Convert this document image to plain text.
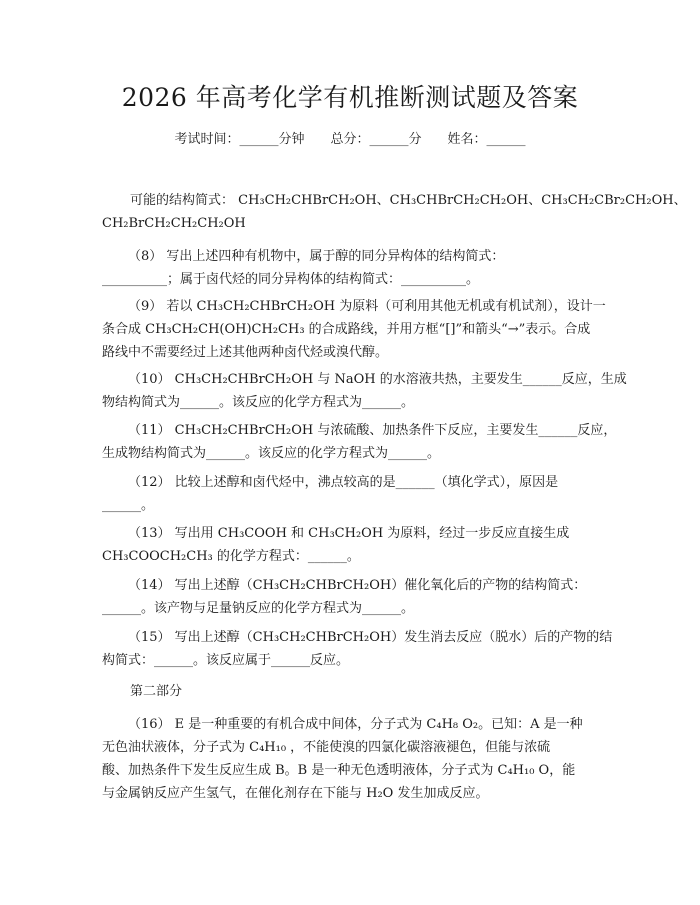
2026 年高考化学有机推断测试题及答案
考试时间：______分钟　　总分：______分　　姓名：______
可能的结构简式： CH₃CH₂CHBrCH₂OH、CH₃CHBrCH₂CH₂OH、CH₃CH₂CBr₂CH₂OH、
CH₂BrCH₂CH₂CH₂OH
（8） 写出上述四种有机物中，属于醇的同分异构体的结构简式：
__________；属于卤代烃的同分异构体的结构简式：__________。
（9） 若以 CH₃CH₂CHBrCH₂OH 为原料（可利用其他无机或有机试剂），设计一
条合成 CH₃CH₂CH(OH)CH₂CH₃ 的合成路线，并用方框“[]”和箭头“→”表示。合成
路线中不需要经过上述其他两种卤代烃或溴代醇。
（10） CH₃CH₂CHBrCH₂OH 与 NaOH 的水溶液共热，主要发生______反应，生成
物结构简式为______。该反应的化学方程式为______。
（11） CH₃CH₂CHBrCH₂OH 与浓硫酸、加热条件下反应，主要发生______反应，
生成物结构简式为______。该反应的化学方程式为______。
（12） 比较上述醇和卤代烃中，沸点较高的是______（填化学式），原因是
______。
（13） 写出用 CH₃COOH 和 CH₃CH₂OH 为原料，经过一步反应直接生成
CH₃COOCH₂CH₃ 的化学方程式：______。
（14） 写出上述醇（CH₃CH₂CHBrCH₂OH）催化氧化后的产物的结构简式：
______。该产物与足量钠反应的化学方程式为______。
（15） 写出上述醇（CH₃CH₂CHBrCH₂OH）发生消去反应（脱水）后的产物的结
构简式：______。该反应属于______反应。
第二部分
（16） E 是一种重要的有机合成中间体，分子式为 C₄H₈ O₂。已知：A 是一种
无色油状液体，分子式为 C₄H₁₀ ，不能使溴的四氯化碳溶液褪色，但能与浓硫
酸、加热条件下发生反应生成 B。B 是一种无色透明液体，分子式为 C₄H₁₀ O，能
与金属钠反应产生氢气，在催化剂存在下能与 H₂O 发生加成反应。
